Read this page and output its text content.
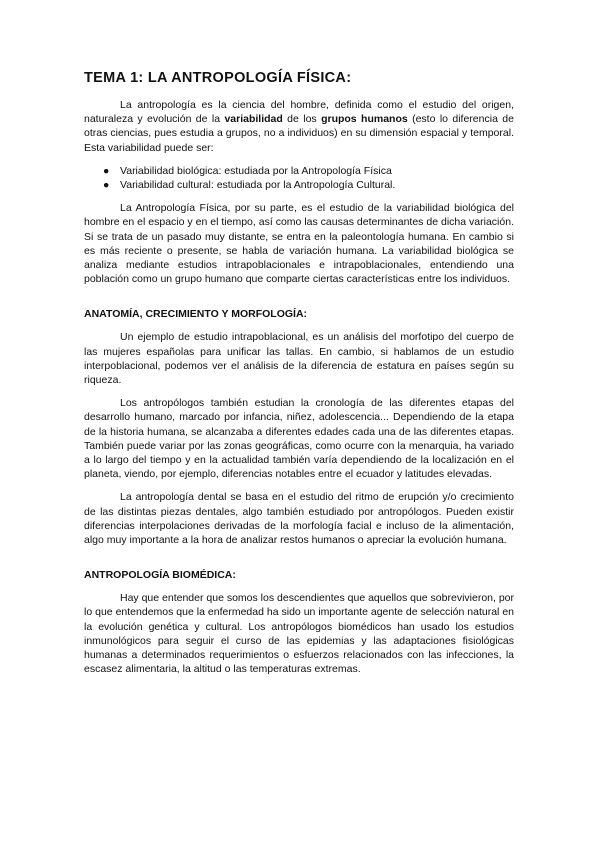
TEMA 1: LA ANTROPOLOGÍA FÍSICA:

La antropología es la ciencia del hombre, definida como el estudio del origen, naturaleza y evolución de la variabilidad de los grupos humanos (esto lo diferencia de otras ciencias, pues estudia a grupos, no a individuos) en su dimensión espacial y temporal. Esta variabilidad puede ser:

● Variabilidad biológica: estudiada por la Antropología Física
● Variabilidad cultural: estudiada por la Antropología Cultural.

La Antropología Física, por su parte, es el estudio de la variabilidad biológica del hombre en el espacio y en el tiempo, así como las causas determinantes de dicha variación. Si se trata de un pasado muy distante, se entra en la paleontología humana. En cambio si es más reciente o presente, se habla de variación humana. La variabilidad biológica se analiza mediante estudios intrapoblacionales e intrapoblacionales, entendiendo una población como un grupo humano que comparte ciertas características entre los individuos.

ANATOMÍA, CRECIMIENTO Y MORFOLOGÍA:

Un ejemplo de estudio intrapoblacional, es un análisis del morfotipo del cuerpo de las mujeres españolas para unificar las tallas. En cambio, si hablamos de un estudio interpoblacional, podemos ver el análisis de la diferencia de estatura en países según su riqueza.

Los antropólogos también estudian la cronología de las diferentes etapas del desarrollo humano, marcado por infancia, niñez, adolescencia... Dependiendo de la etapa de la historia humana, se alcanzaba a diferentes edades cada una de las diferentes etapas. También puede variar por las zonas geográficas, como ocurre con la menarquia, ha variado a lo largo del tiempo y en la actualidad también varía dependiendo de la localización en el planeta, viendo, por ejemplo, diferencias notables entre el ecuador y latitudes elevadas.

La antropología dental se basa en el estudio del ritmo de erupción y/o crecimiento de las distintas piezas dentales, algo también estudiado por antropólogos. Pueden existir diferencias interpolaciones derivadas de la morfología facial e incluso de la alimentación, algo muy importante a la hora de analizar restos humanos o apreciar la evolución humana.

ANTROPOLOGÍA BIOMÉDICA:

Hay que entender que somos los descendientes que aquellos que sobrevivieron, por lo que entendemos que la enfermedad ha sido un importante agente de selección natural en la evolución genética y cultural. Los antropólogos biomédicos han usado los estudios inmunológicos para seguir el curso de las epidemias y las adaptaciones fisiológicas humanas a determinados requerimientos o esfuerzos relacionados con las infecciones, la escasez alimentaria, la altitud o las temperaturas extremas.
